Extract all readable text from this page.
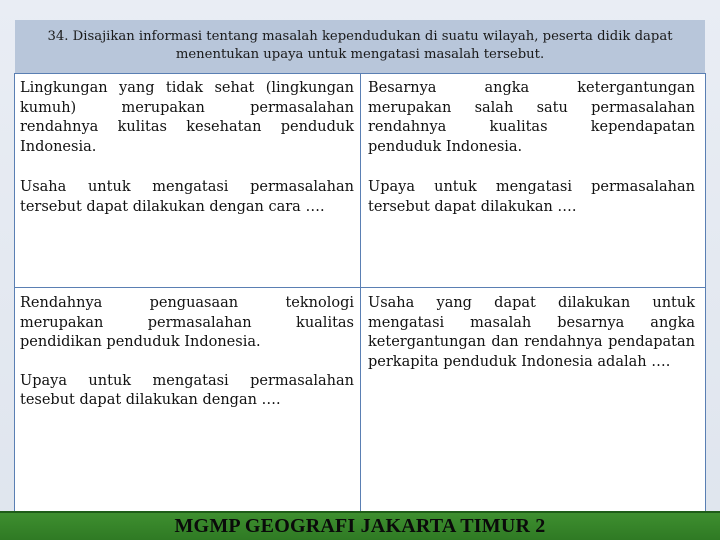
34. Disajikan informasi tentang masalah kependudukan di suatu wilayah, peserta didik dapat menentukan upaya untuk mengatasi masalah tersebut.

Lingkungan yang tidak sehat (lingkungan kumuh) merupakan permasalahan rendahnya kulitas kesehatan penduduk Indonesia.

Usaha untuk mengatasi permasalahan tersebut dapat dilakukan dengan cara ….

Besarnya angka ketergantungan merupakan salah satu permasalahan rendahnya kualitas kependapatan penduduk Indonesia.

Upaya untuk mengatasi permasalahan tersebut dapat dilakukan ….

Rendahnya penguasaan teknologi merupakan permasalahan kualitas pendidikan penduduk Indonesia.

Upaya untuk mengatasi permasalahan tesebut dapat dilakukan dengan ….

Usaha yang dapat dilakukan untuk mengatasi masalah besarnya angka ketergantungan dan rendahnya pendapatan perkapita penduduk Indonesia adalah ….

MGMP GEOGRAFI JAKARTA TIMUR 2
